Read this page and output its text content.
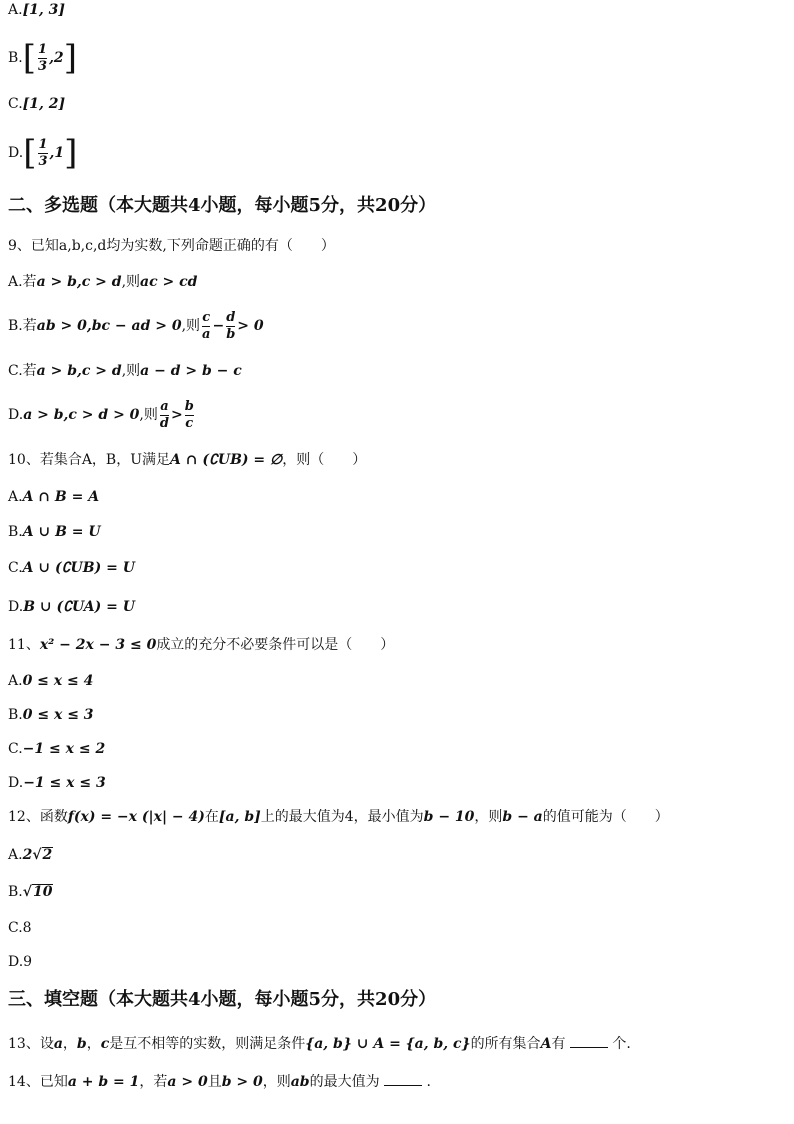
A.[1, 3]
$B.[ \frac{1}{3} ,2]$
C.[1, 2]
$D.[ \frac{1}{3} ,1]$
二、多选题（本大题共4小题，每小题5分，共20分）
9、已知a,b,c,d均为实数,下列命题正确的有（　　）
A.若a > b,c > d,则ac > cd
B.若ab > 0,bc − ad > 0,则 $\frac{c}{a} - \frac{d}{b} > 0$
C.若a > b,c > d,则a − d > b − c
D.a > b,c > d > 0,则 $\frac{a}{d} > \frac{b}{c}$
10、若集合A，B，U满足A ∩ (∁UB) = ∅，则（　　）
A.A ∩ B = A
B.A ∪ B = U
C.A ∪ (∁UB) = U
D.B ∪ (∁UA) = U
11、x² − 2x − 3 ≤ 0成立的充分不必要条件可以是（　　）
A.0 ≤ x ≤ 4
B.0 ≤ x ≤ 3
C.−1 ≤ x ≤ 2
D.−1 ≤ x ≤ 3
12、函数f(x) = −x (|x| − 4)在[a, b]上的最大值为4，最小值为b − 10，则b − a的值可能为（　　）
A.2√2
B.√10
C.8
D.9
三、填空题（本大题共4小题，每小题5分，共20分）
13、设a，b，c是互不相等的实数，则满足条件{a, b} ∪ A = {a, b, c}的所有集合A有	个.
14、已知a + b = 1，若a > 0且b > 0，则ab的最大值为	.
